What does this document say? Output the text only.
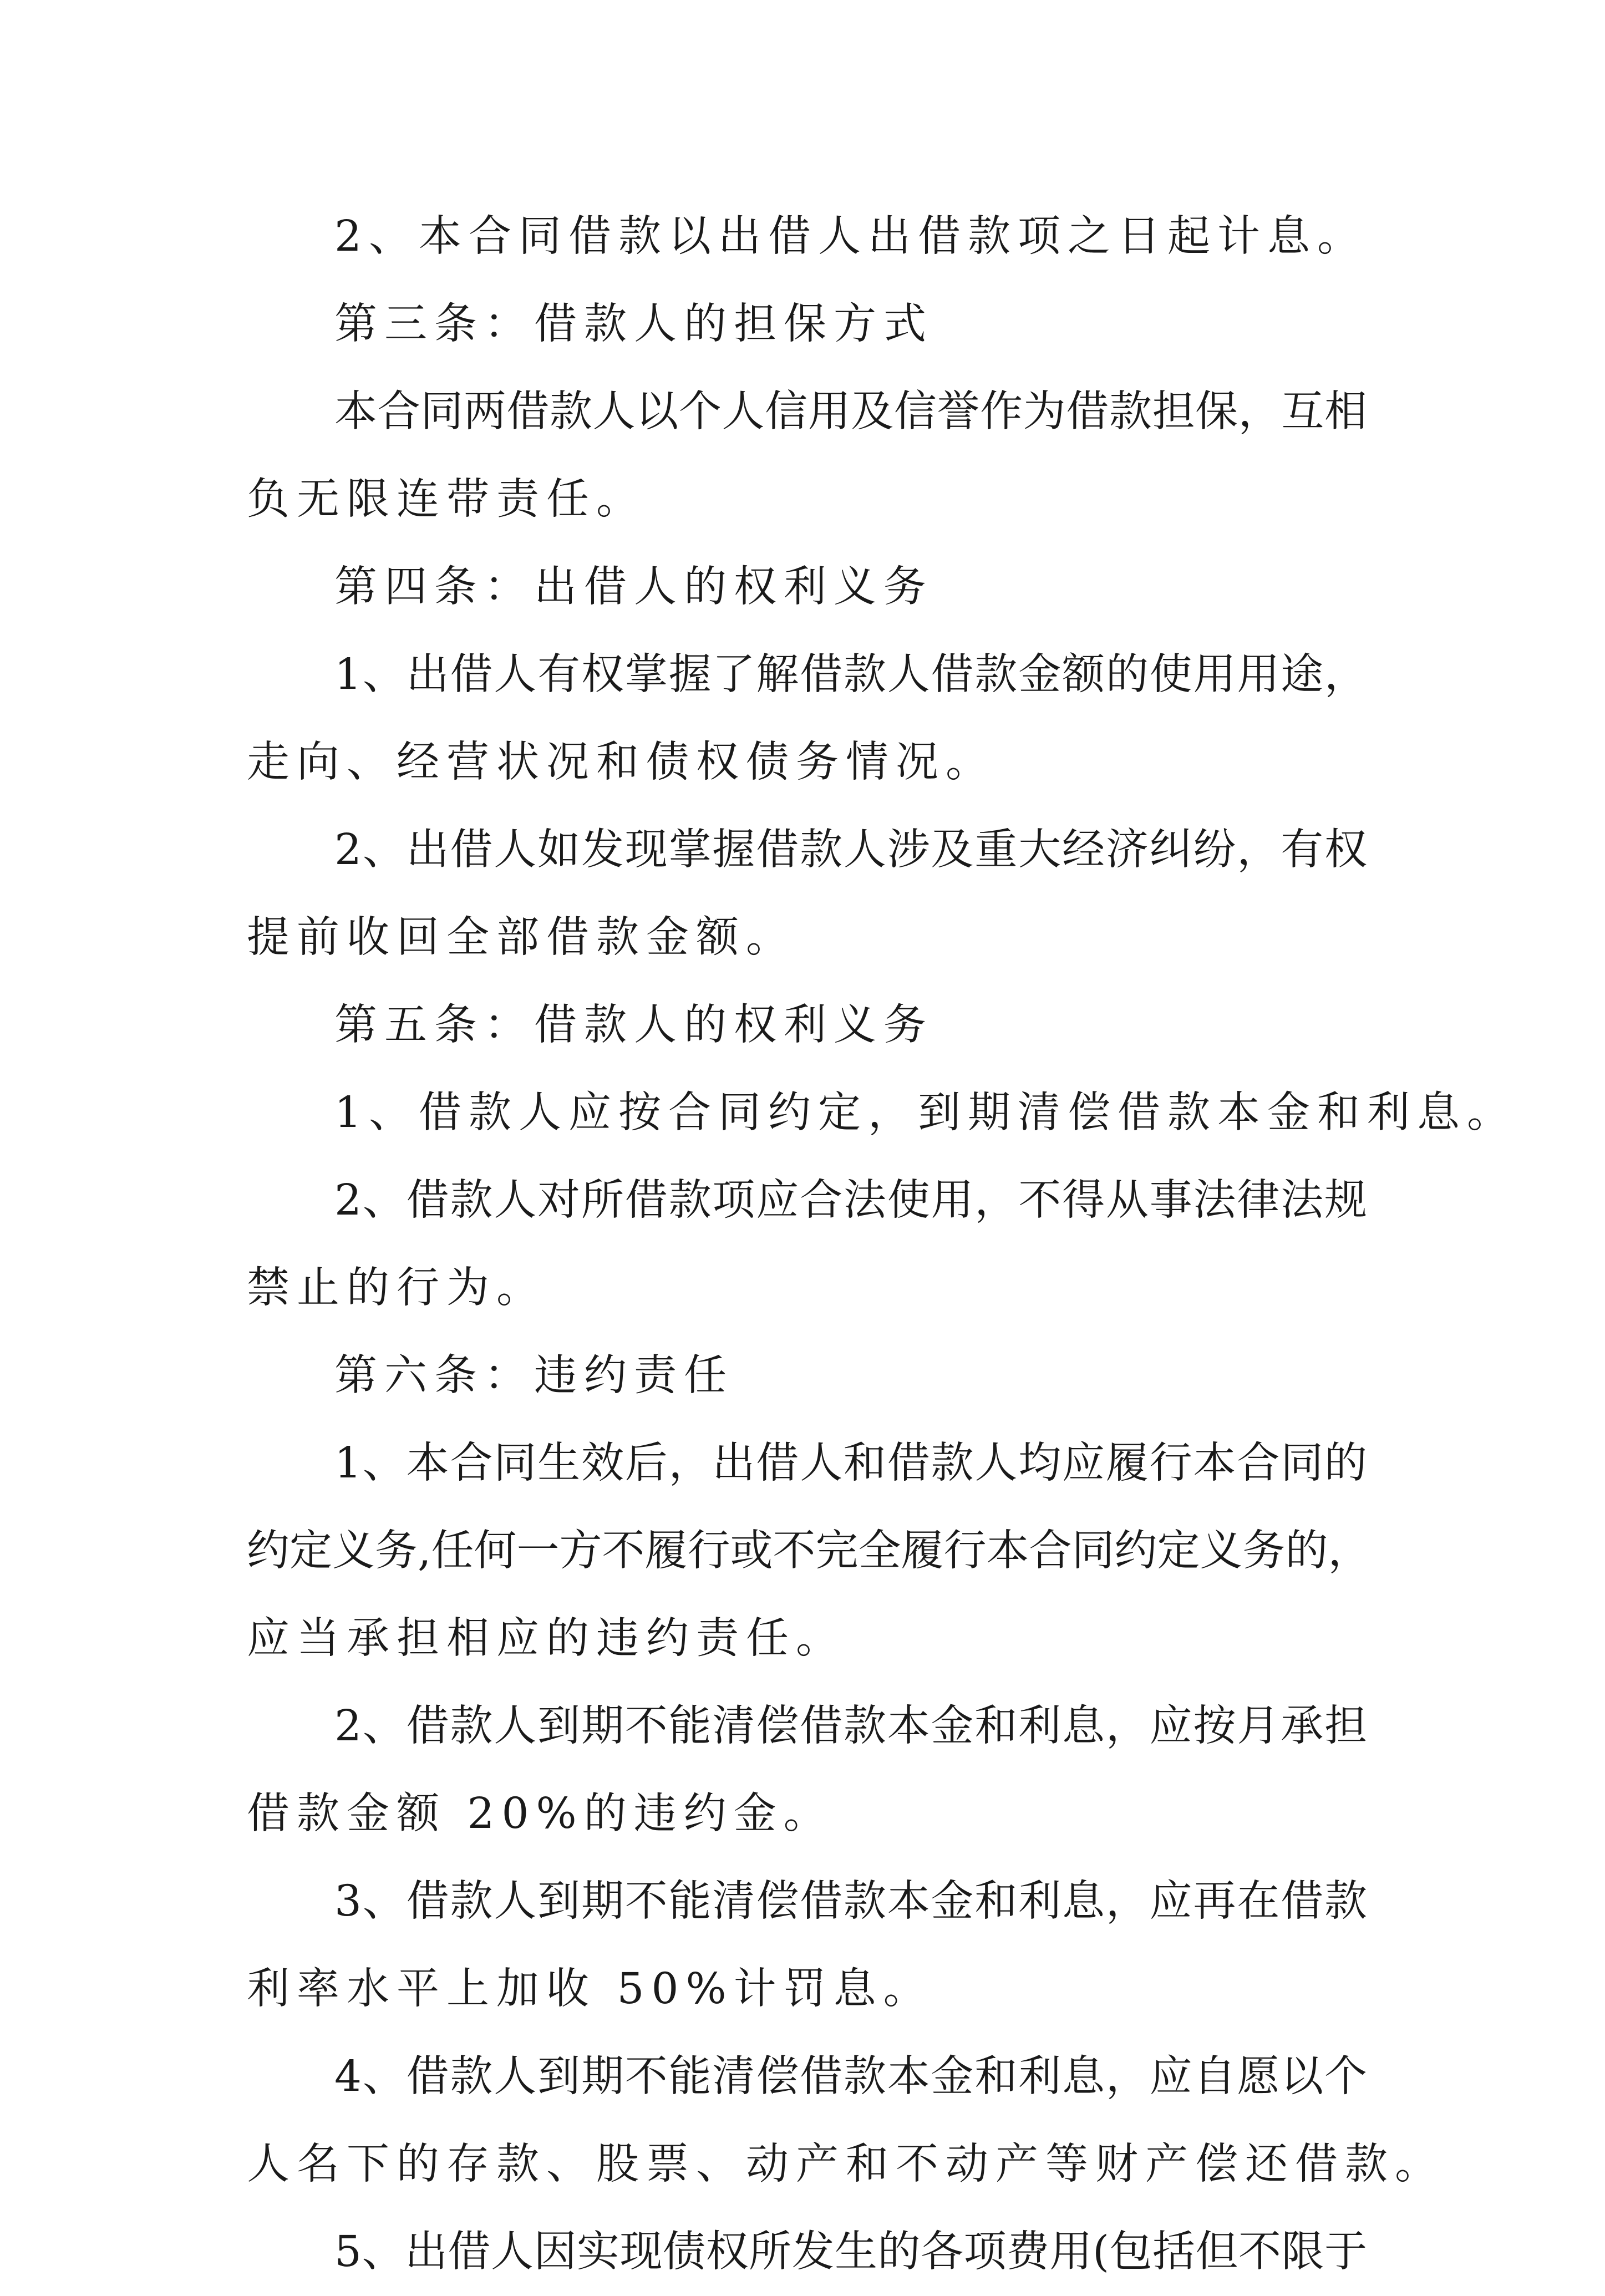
2、本合同借款以出借人出借款项之日起计息。
第三条：借款人的担保方式
本合同两借款人以个人信用及信誉作为借款担保，互相
负无限连带责任。
第四条：出借人的权利义务
1、出借人有权掌握了解借款人借款金额的使用用途，
走向、经营状况和债权债务情况。
2、出借人如发现掌握借款人涉及重大经济纠纷，有权
提前收回全部借款金额。
第五条：借款人的权利义务
1、借款人应按合同约定，到期清偿借款本金和利息。
2、借款人对所借款项应合法使用，不得从事法律法规
禁止的行为。
第六条：违约责任
1、本合同生效后，出借人和借款人均应履行本合同的
约定义务,任何一方不履行或不完全履行本合同约定义务的，
应当承担相应的违约责任。
2、借款人到期不能清偿借款本金和利息，应按月承担
借款金额 20%的违约金。
3、借款人到期不能清偿借款本金和利息，应再在借款
利率水平上加收 50%计罚息。
4、借款人到期不能清偿借款本金和利息，应自愿以个
人名下的存款、股票、动产和不动产等财产偿还借款。
5、出借人因实现债权所发生的各项费用(包括但不限于
